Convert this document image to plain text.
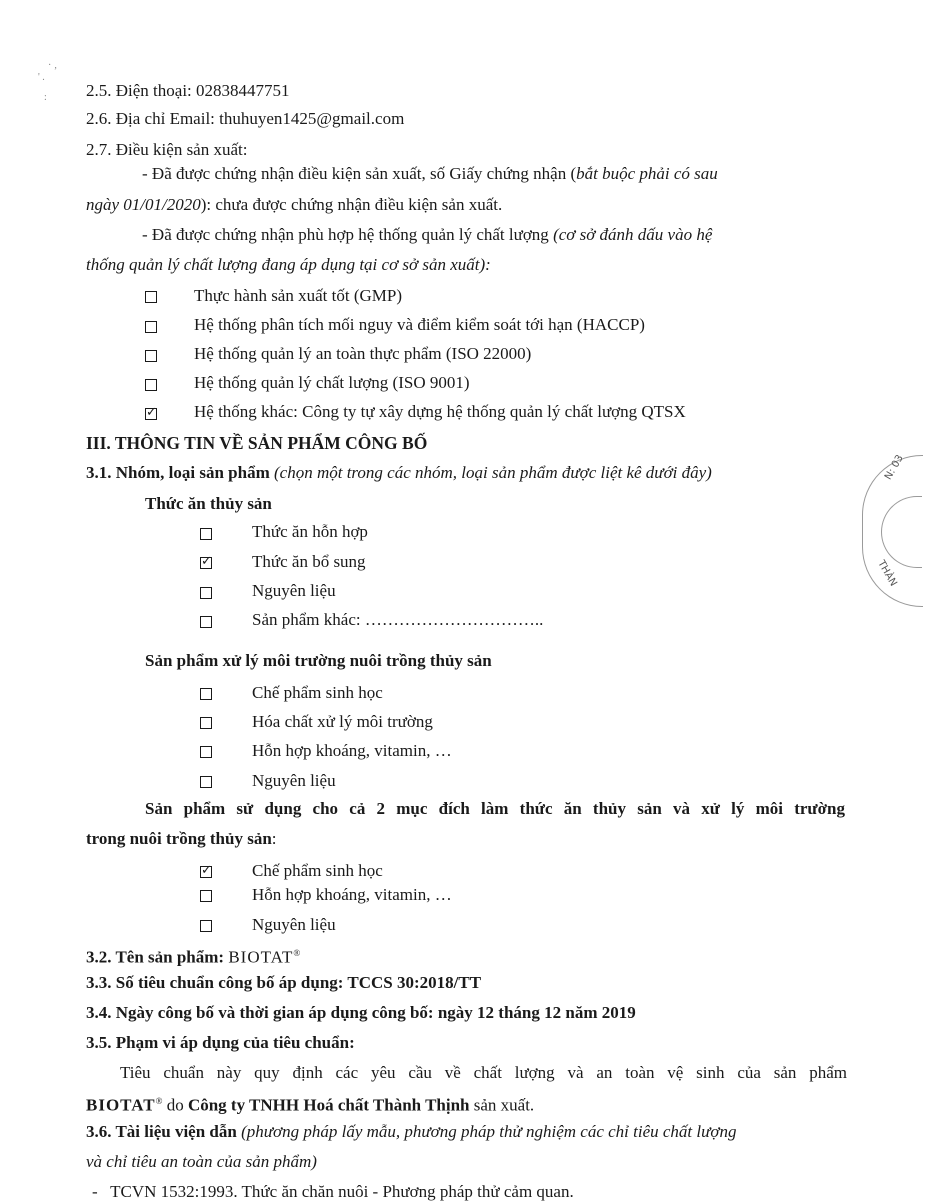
· ‚
' .
: 2.5. Điện thoại: 02838447751
2.6. Địa chỉ Email: thuhuyen1425@gmail.com
2.7. Điều kiện sản xuất:
- Đã được chứng nhận điều kiện sản xuất, số Giấy chứng nhận (bắt buộc phải có sau
ngày 01/01/2020): chưa được chứng nhận điều kiện sản xuất.
- Đã được chứng nhận phù hợp hệ thống quản lý chất lượng (cơ sở đánh dấu vào hệ
thống quản lý chất lượng đang áp dụng tại cơ sở sản xuất):
Thực hành sản xuất tốt (GMP)
Hệ thống phân tích mối nguy và điểm kiểm soát tới hạn (HACCP)
Hệ thống quản lý an toàn thực phẩm (ISO 22000)
Hệ thống quản lý chất lượng (ISO 9001)
✓
Hệ thống khác: Công ty tự xây dựng hệ thống quản lý chất lượng QTSX
III. THÔNG TIN VỀ SẢN PHẨM CÔNG BỐ
3.1. Nhóm, loại sản phẩm (chọn một trong các nhóm, loại sản phẩm được liệt kê dưới đây)
Thức ăn thủy sản
Thức ăn hỗn hợp
✓
Thức ăn bổ sung
Nguyên liệu
Sản phẩm khác: …………………………..
Sản phẩm xử lý môi trường nuôi trồng thủy sản
Chế phẩm sinh học
Hóa chất xử lý môi trường
Hỗn hợp khoáng, vitamin, …
Nguyên liệu
Sản phẩm sử dụng cho cả 2 mục đích làm thức ăn thủy sản và xử lý môi trường
trong nuôi trồng thủy sản:
✓
Chế phẩm sinh học
Hỗn hợp khoáng, vitamin, …
Nguyên liệu
3.2. Tên sản phẩm: BIOTAT®
3.3. Số tiêu chuẩn công bố áp dụng: TCCS 30:2018/TT
3.4. Ngày công bố và thời gian áp dụng công bố: ngày 12 tháng 12 năm 2019
3.5. Phạm vi áp dụng của tiêu chuẩn:
Tiêu chuẩn này quy định các yêu cầu về chất lượng và an toàn vệ sinh của sản phẩm
BIOTAT® do Công ty TNHH Hoá chất Thành Thịnh sản xuất.
3.6. Tài liệu viện dẫn (phương pháp lấy mẫu, phương pháp thử nghiệm các chỉ tiêu chất lượng
và chỉ tiêu an toàn của sản phẩm)
-   TCVN 1532:1993. Thức ăn chăn nuôi - Phương pháp thử cảm quan.
N: 03
THÀN
